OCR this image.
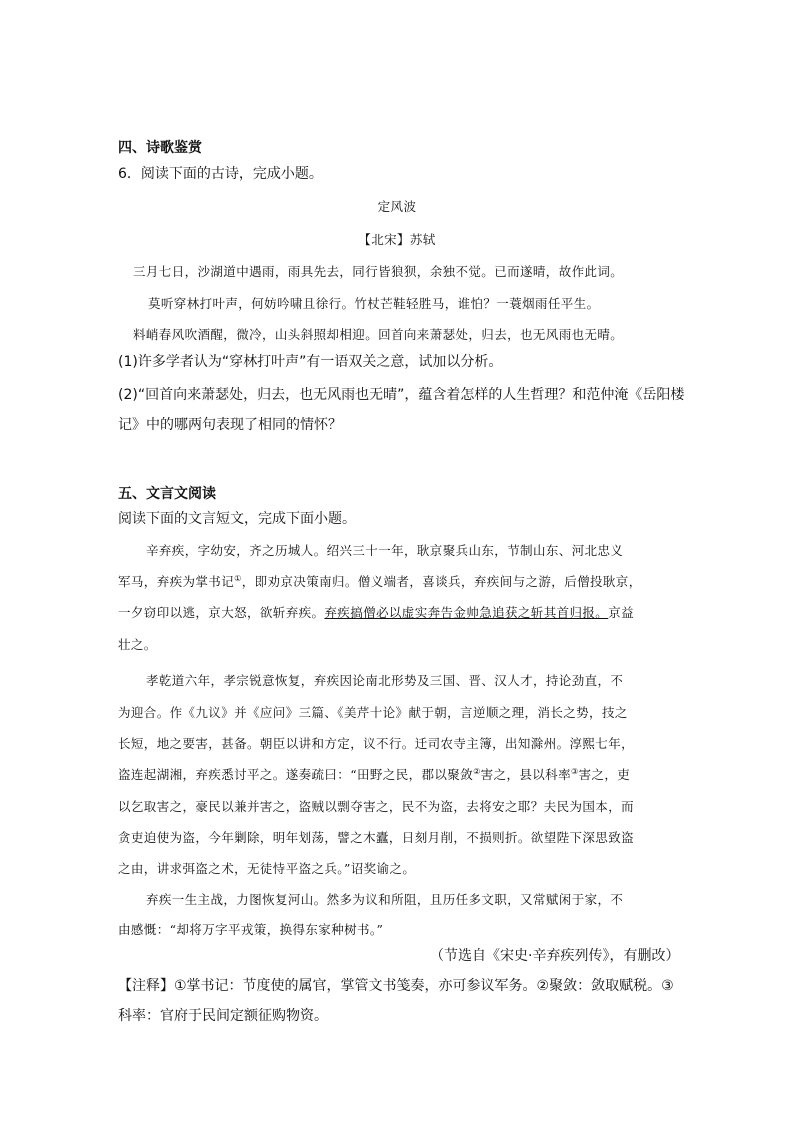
四、诗歌鉴赏
6．阅读下面的古诗，完成小题。
定风波
【北宋】苏轼
三月七日，沙湖道中遇雨，雨具先去，同行皆狼狈，余独不觉。已而遂晴，故作此词。
莫听穿林打叶声，何妨吟啸且徐行。竹杖芒鞋轻胜马，谁怕？一蓑烟雨任平生。
料峭春风吹酒醒，微冷，山头斜照却相迎。回首向来萧瑟处，归去，也无风雨也无晴。
(1)许多学者认为“穿林打叶声”有一语双关之意，试加以分析。
(2)“回首向来萧瑟处，归去，也无风雨也无晴”，蕴含着怎样的人生哲理？和范仲淹《岳阳楼
记》中的哪两句表现了相同的情怀？
五、文言文阅读
阅读下面的文言短文，完成下面小题。
辛弃疾，字幼安，齐之历城人。绍兴三十一年，耿京聚兵山东，节制山东、河北忠义
军马，弃疾为掌书记①，即劝京决策南归。僧义端者，喜谈兵，弃疾间与之游，后僧投耿京，
一夕窃印以逃，京大怒，欲斩弃疾。弃疾搞僧必以虚实奔告金帅急追获之斩其首归报。京益
壮之。
孝乾道六年，孝宗锐意恢复，弃疾因论南北形势及三国、晋、汉人才，持论劲直，不
为迎合。作《九议》并《应问》三篇、《美芹十论》献于朝，言逆顺之理，消长之势，技之
长短，地之要害，甚备。朝臣以讲和方定，议不行。迁司农寺主簿，出知滁州。淳熙七年，
盗连起湖湘，弃疾悉讨平之。遂奏疏曰：“田野之民，郡以聚敛②害之，县以科率③害之，吏
以乞取害之，豪民以兼并害之，盗贼以剽夺害之，民不为盗，去将安之耶？夫民为国本，而
贪吏迫使为盗，今年剿除，明年划荡，譬之木蠹，日刻月削，不损则折。欲望陛下深思致盗
之由，讲求弭盗之术，无徒恃平盗之兵。”诏奖谕之。
弃疾一生主战，力图恢复河山。然多为议和所阻，且历任多文职，又常赋闲于家，不
由感慨：“却将万字平戎策，换得东家种树书。”
（节选自《宋史·辛弃疾列传》，有删改）
【注释】①掌书记：节度使的属官，掌管文书笺奏，亦可参议军务。②聚敛：敛取赋税。③
科率：官府于民间定额征购物资。
